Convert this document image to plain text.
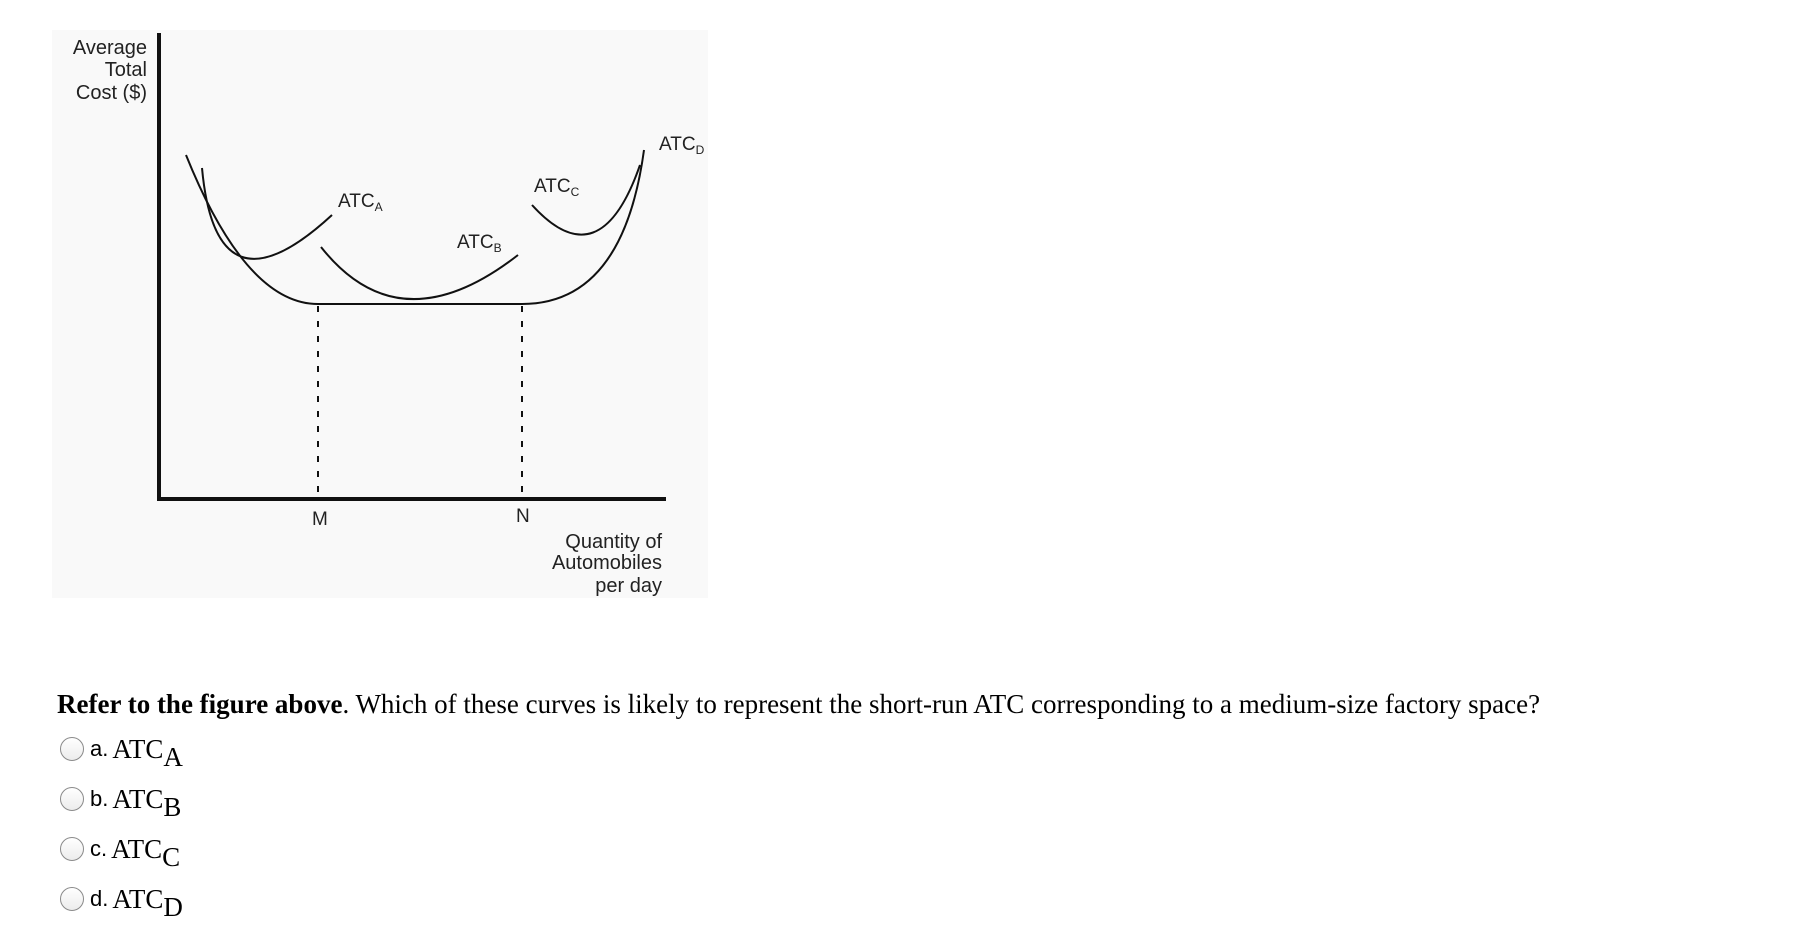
Average
Total
Cost ($)
M	N
Quantity of
Automobiles
per day
$ATC_A$
$ATC_B$
$ATC_C$
$ATC_D$
Refer to the figure above. Which of these curves is likely to represent the short-run ATC corresponding to a medium-size factory space?
a. ATC A
b. ATC B
c. ATC C
d. ATC D
